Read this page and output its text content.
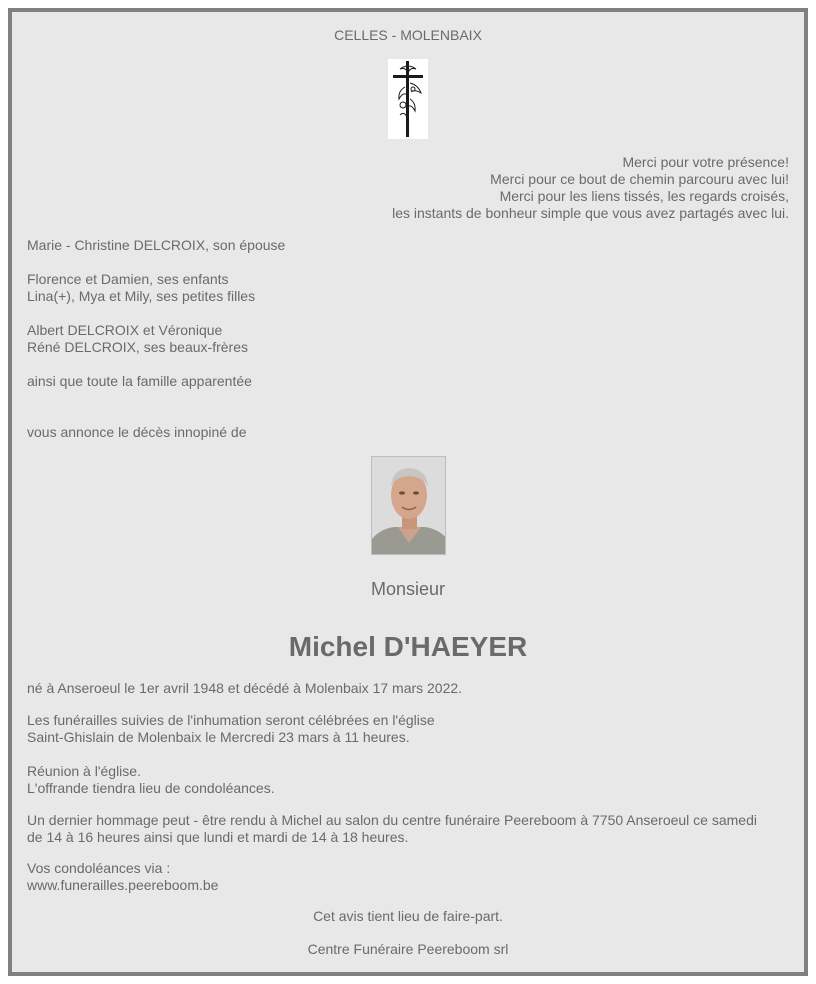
CELLES - MOLENBAIX
Merci pour votre présence!
Merci pour ce bout de chemin parcouru avec lui!
Merci pour les liens tissés, les regards croisés,
les instants de bonheur simple que vous avez partagés avec lui.
Marie - Christine DELCROIX, son épouse
Florence et Damien, ses enfants
Lina(+), Mya et Mily, ses petites filles
Albert DELCROIX et Véronique
Réné DELCROIX, ses beaux-frères
ainsi que toute la famille apparentée
vous annonce le décès innopiné de
Monsieur
Michel D'HAEYER
né à Anseroeul le 1er avril 1948 et décédé à Molenbaix 17 mars 2022.
Les funérailles suivies de l'inhumation seront célébrées en l'église
Saint-Ghislain de Molenbaix le Mercredi 23 mars à 11 heures.
Réunion à l'église.
L'offrande tiendra lieu de condoléances.
Un dernier hommage peut - être rendu à Michel au salon du centre funéraire Peereboom à 7750 Anseroeul ce samedi
de 14 à 16 heures ainsi que lundi et mardi de 14 à 18 heures.
Vos condoléances via :
www.funerailles.peereboom.be
Cet avis tient lieu de faire-part.
Centre Funéraire Peereboom srl
